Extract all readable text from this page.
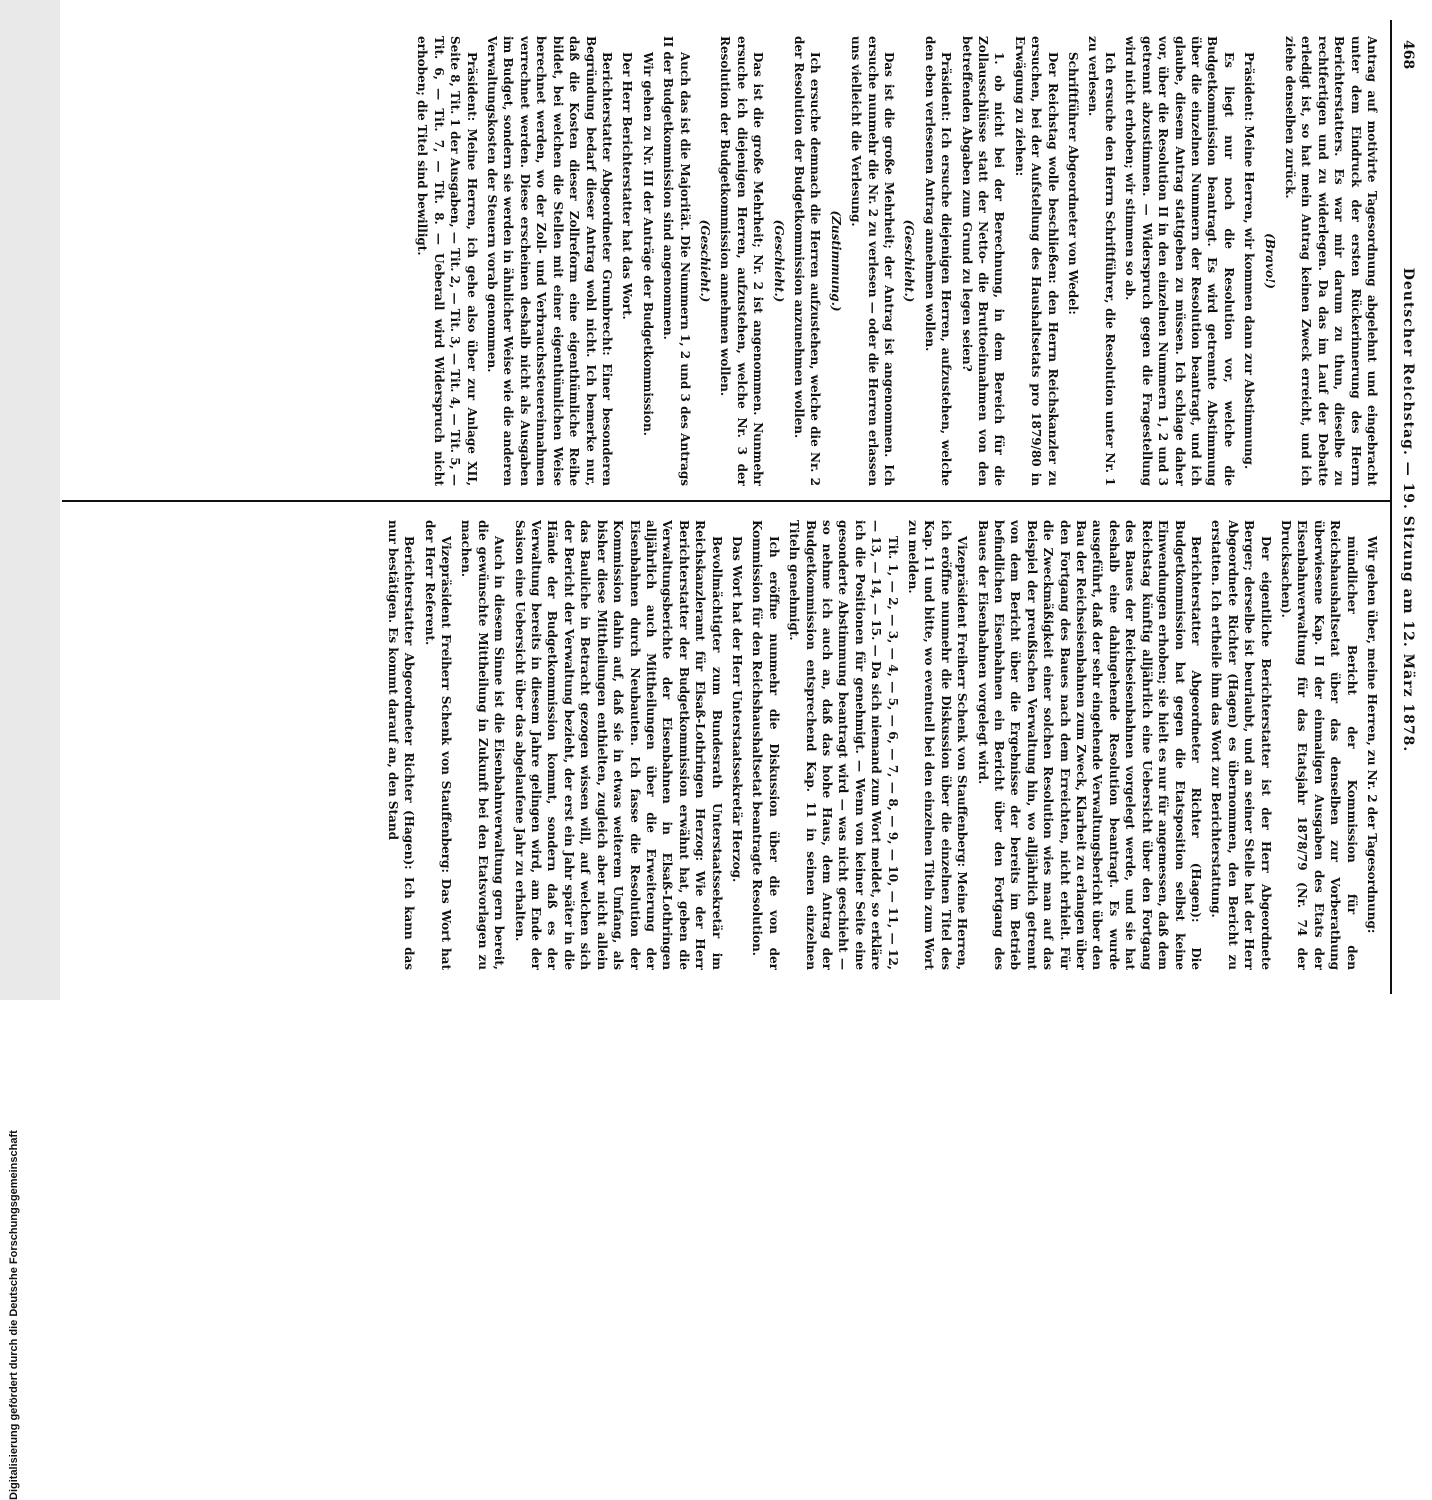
Digitalisierung gefördert durch die Deutsche Forschungsgemeinschaft
468
Deutscher Reichstag. — 19. Sitzung am 12. März 1878.

Antrag auf motivirte Tagesordnung abgelehnt und eingebracht unter dem Eindruck der ersten Rückerinnerung des Herrn Berichterstatters. Es war mir darum zu thun, dieselbe zu rechtfertigen und zu widerlegen. Da das im Lauf der Debatte erledigt ist, so hat mein Antrag keinen Zweck erreicht, und ich ziehe denselben zurück.

(Bravo!)

Präsident: Meine Herren, wir kommen dann zur Abstimmung.

Es liegt nur noch die Resolution vor, welche die Budgetkommission beantragt. Es wird getrennte Abstimmung über die einzelnen Nummern der Resolution beantragt, und ich glaube, diesem Antrag stattgeben zu müssen. Ich schlage daher vor, über die Resolution II in den einzelnen Nummern 1, 2 und 3 getrennt abzustimmen. — Widerspruch gegen die Fragestellung wird nicht erhoben; wir stimmen so ab.

Ich ersuche den Herrn Schriftführer, die Resolution unter Nr. 1 zu verlesen.

Schriftführer Abgeordneter von Wedel:

Der Reichstag wolle beschließen: den Herrn Reichskanzler zu ersuchen, bei der Aufstellung des Haushaltsetats pro 1879/80 in Erwägung zu ziehen:

1. ob nicht bei der Berechnung, in dem Bereich für die Zollausschlüsse statt der Netto- die Bruttoeinnahmen von den betreffenden Abgaben zum Grund zu legen seien?

Präsident: Ich ersuche diejenigen Herren, aufzustehen, welche den eben verlesenen Antrag annehmen wollen.

(Geschieht.)

Das ist die große Mehrheit; der Antrag ist angenommen. Ich ersuche nunmehr die Nr. 2 zu verlesen — oder die Herren erlassen uns vielleicht die Verlesung.

(Zustimmung.)

Ich ersuche demnach die Herren aufzustehen, welche die Nr. 2 der Resolution der Budgetkommission anzunehmen wollen.

(Geschieht.)

Das ist die große Mehrheit; Nr. 2 ist angenommen. Nunmehr ersuche ich diejenigen Herren, aufzustehen, welche Nr. 3 der Resolution der Budgetkommission annehmen wollen.

(Geschieht.)

Auch das ist die Majorität. Die Nummern 1, 2 und 3 des Antrags II der Budgetkommission sind angenommen.

Wir gehen zu Nr. III der Anträge der Budgetkommission.

Der Herr Berichterstatter hat das Wort.

Berichterstatter Abgeordneter Grumbrecht: Einer besonderen Begründung bedarf dieser Antrag wohl nicht. Ich bemerke nur, daß die Kosten dieser Zollreform eine eigenthümliche Reihe bildet, bei welchen die Stellen mit einer eigenthümlichen Weise berechnet werden, wo der Zoll- und Verbrauchssteuereinnahmen verrechnet werden. Diese erscheinen deshalb nicht als Ausgaben im Budget, sondern sie werden in ähnlicher Weise wie die anderen Verwaltungskosten der Steuern vorab genommen.

Präsident: Meine Herren, ich gehe also über zur Anlage XII, Seite 8, Tit. 1 der Ausgaben, — Tit. 2, — Tit. 3, — Tit. 4, — Tit. 5, — Tit. 6, — Tit. 7, — Tit. 8. — Ueberall wird Widerspruch nicht erhoben; die Titel sind bewilligt.

Wir gehen über, meine Herren, zu Nr. 2 der Tagesordnung:

mündlicher Bericht der Kommission für den Reichshaushaltsetat über das denselben zur Vorberathung überwiesene Kap. II der einmaligen Ausgaben des Etats der Eisenbahnverwaltung für das Etatsjahr 1878/79 (Nr. 74 der Drucksachen).

Der eigentliche Berichterstatter ist der Herr Abgeordnete Berger; derselbe ist beurlaubt, und an seiner Stelle hat der Herr Abgeordnete Richter (Hagen) es übernommen, den Bericht zu erstatten. Ich ertheile ihm das Wort zur Berichterstattung.

Berichterstatter Abgeordneter Richter (Hagen): Die Budgetkommission hat gegen die Etatsposition selbst keine Einwendungen erhoben; sie hielt es nur für angemessen, daß dem Reichstag künftig alljährlich eine Uebersicht über den Fortgang des Baues der Reichseisenbahnen vorgelegt werde, und sie hat deshalb eine dahingehende Resolution beantragt. Es wurde ausgeführt, daß der sehr eingehende Verwaltungsbericht über den Bau der Reichseisenbahnen zum Zweck, Klarheit zu erlangen über den Fortgang des Baues nach dem Erreichten, nicht erhielt. Für die Zweckmäßigkeit einer solchen Resolution wies man auf das Beispiel der preußischen Verwaltung hin, wo alljährlich getrennt von dem Bericht über die Ergebnisse der bereits im Betrieb befindlichen Eisenbahnen ein Bericht über den Fortgang des Baues der Eisenbahnen vorgelegt wird.

Vizepräsident Freiherr Schenk von Stauffenberg: Meine Herren, ich eröffne nunmehr die Diskussion über die einzelnen Titel des Kap. 11 und bitte, wo eventuell bei den einzelnen Titeln zum Wort zu melden.

Tit. 1, — 2, — 3, — 4, — 5, — 6, — 7, — 8, — 9, — 10, — 11, — 12, — 13, — 14, — 15. — Da sich niemand zum Wort meldet, so erkläre ich die Positionen für genehmigt. — Wenn von keiner Seite eine gesonderte Abstimmung beantragt wird — was nicht geschieht — so nehme ich auch an, daß das hohe Haus, dem Antrag der Budgetkommission entsprechend Kap. 11 in seinen einzelnen Titeln genehmigt.

Ich eröffne nunmehr die Diskussion über die von der Kommission für den Reichshaushaltsetat beantragte Resolution.

Das Wort hat der Herr Unterstaatssekretär Herzog.

Bevollmächtigter zum Bundesrath Unterstaatssekretär im Reichskanzleramt für Elsaß-Lothringen Herzog: Wie der Herr Berichterstatter der Budgetkommission erwähnt hat, geben die Verwaltungsberichte der Eisenbahnen in Elsaß-Lothringen alljährlich auch Mittheilungen über die Erweiterung der Eisenbahnen durch Neubauten. Ich fasse die Resolution der Kommission dahin auf, daß sie in etwas weiterem Umfang, als bisher diese Mittheilungen enthielten, zugleich aber nicht allein das Bauliche in Betracht gezogen wissen will, auf welchen sich der Bericht der Verwaltung bezieht, der erst ein Jahr später in die Hände der Budgetkommission kommt, sondern daß es der Verwaltung bereits in diesem Jahre gelingen wird, am Ende der Saison eine Uebersicht über das abgelaufene Jahr zu erhalten.

Auch in diesem Sinne ist die Eisenbahnverwaltung gern bereit, die gewünschte Mittheilung in Zukunft bei den Etatsvorlagen zu machen.

Vizepräsident Freiherr Schenk von Stauffenberg: Das Wort hat der Herr Referent.

Berichterstatter Abgeordneter Richter (Hagen): Ich kann das nur bestätigen. Es kommt darauf an, den Stand
